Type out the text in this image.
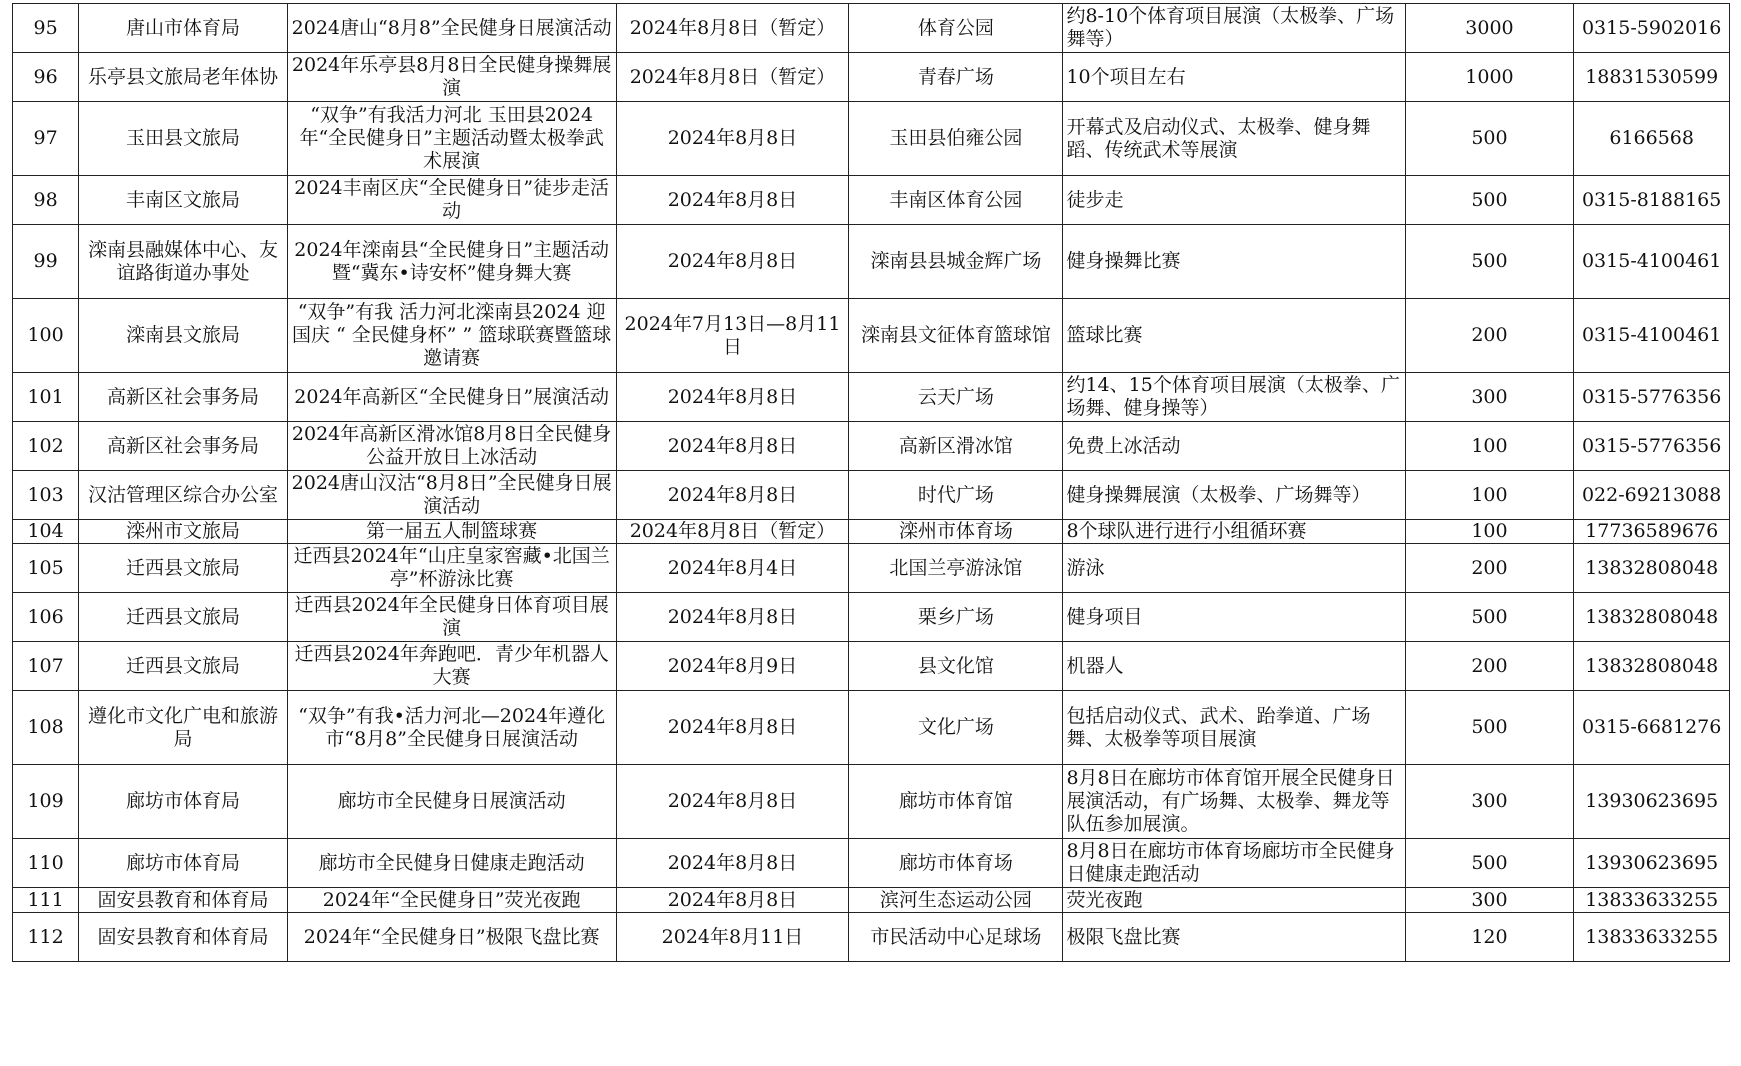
95	唐山市体育局	2024唐山“8月8”全民健身日展演活动	2024年8月8日（暂定）	体育公园	约8-10个体育项目展演（太极拳、广场舞等）	3000	0315-5902016
96	乐亭县文旅局老年体协	2024年乐亭县8月8日全民健身操舞展演	2024年8月8日（暂定）	青春广场	10个项目左右	1000	18831530599
97	玉田县文旅局	“双争”有我活力河北 玉田县2024年“全民健身日”主题活动暨太极拳武术展演	2024年8月8日	玉田县伯雍公园	开幕式及启动仪式、太极拳、健身舞蹈、传统武术等展演	500	6166568
98	丰南区文旅局	2024丰南区庆“全民健身日”徒步走活动	2024年8月8日	丰南区体育公园	徒步走	500	0315-8188165
99	滦南县融媒体中心、友谊路街道办事处	2024年滦南县“全民健身日”主题活动暨“冀东•诗安杯”健身舞大赛	2024年8月8日	滦南县县城金辉广场	健身操舞比赛	500	0315-4100461
100	滦南县文旅局	“双争”有我 活力河北滦南县2024 迎国庆 “ 全民健身杯” ” 篮球联赛暨篮球邀请赛	2024年7月13日—8月11日	滦南县文征体育篮球馆	篮球比赛	200	0315-4100461
101	高新区社会事务局	2024年高新区“全民健身日”展演活动	2024年8月8日	云天广场	约14、15个体育项目展演（太极拳、广场舞、健身操等）	300	0315-5776356
102	高新区社会事务局	2024年高新区滑冰馆8月8日全民健身公益开放日上冰活动	2024年8月8日	高新区滑冰馆	免费上冰活动	100	0315-5776356
103	汉沽管理区综合办公室	2024唐山汉沽“8月8日”全民健身日展演活动	2024年8月8日	时代广场	健身操舞展演（太极拳、广场舞等）	100	022-69213088
104	滦州市文旅局	第一届五人制篮球赛	2024年8月8日（暂定）	滦州市体育场	8个球队进行进行小组循环赛	100	17736589676
105	迁西县文旅局	迁西县2024年“山庄皇家窖藏•北国兰亭”杯游泳比赛	2024年8月4日	北国兰亭游泳馆	游泳	200	13832808048
106	迁西县文旅局	迁西县2024年全民健身日体育项目展演	2024年8月8日	栗乡广场	健身项目	500	13832808048
107	迁西县文旅局	迁西县2024年奔跑吧．青少年机器人大赛	2024年8月9日	县文化馆	机器人	200	13832808048
108	遵化市文化广电和旅游局	“双争”有我•活力河北—2024年遵化市“8月8”全民健身日展演活动	2024年8月8日	文化广场	包括启动仪式、武术、跆拳道、广场舞、太极拳等项目展演	500	0315-6681276
109	廊坊市体育局	廊坊市全民健身日展演活动	2024年8月8日	廊坊市体育馆	8月8日在廊坊市体育馆开展全民健身日展演活动，有广场舞、太极拳、舞龙等队伍参加展演。	300	13930623695
110	廊坊市体育局	廊坊市全民健身日健康走跑活动	2024年8月8日	廊坊市体育场	8月8日在廊坊市体育场廊坊市全民健身日健康走跑活动	500	13930623695
111	固安县教育和体育局	2024年“全民健身日”荧光夜跑	2024年8月8日	滨河生态运动公园	荧光夜跑	300	13833633255
112	固安县教育和体育局	2024年“全民健身日”极限飞盘比赛	2024年8月11日	市民活动中心足球场	极限飞盘比赛	120	13833633255
